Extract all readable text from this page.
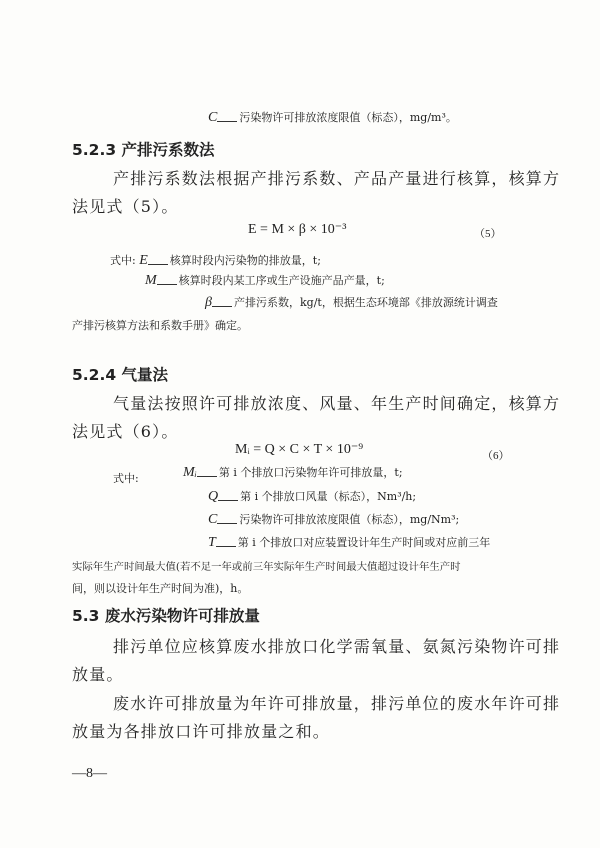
C 污染物许可排放浓度限值（标态），mg/m³。
5.2.3 产排污系数法
产排污系数法根据产排污系数、产品产量进行核算，核算方
法见式（5）。
E = M × β × 10⁻³	（5）
式中: E 核算时段内污染物的排放量，t;
M 核算时段内某工序或生产设施产品产量，t;
β 产排污系数，kg/t，根据生态环境部《排放源统计调查
产排污核算方法和系数手册》确定。
5.2.4 气量法
气量法按照许可排放浓度、风量、年生产时间确定，核算方
法见式（6）。
Mᵢ = Q × C × T × 10⁻⁹	（6）
式中:	Mᵢ 第 i 个排放口污染物年许可排放量，t;
Q 第 i 个排放口风量（标态），Nm³/h;
C 污染物许可排放浓度限值（标态），mg/Nm³;
T 第 i 个排放口对应装置设计年生产时间或对应前三年
实际年生产时间最大值(若不足一年或前三年实际年生产时间最大值超过设计年生产时
间，则以设计年生产时间为准)，h。
5.3 废水污染物许可排放量
排污单位应核算废水排放口化学需氧量、氨氮污染物许可排
放量。
废水许可排放量为年许可排放量，排污单位的废水年许可排
放量为各排放口许可排放量之和。
—8—
